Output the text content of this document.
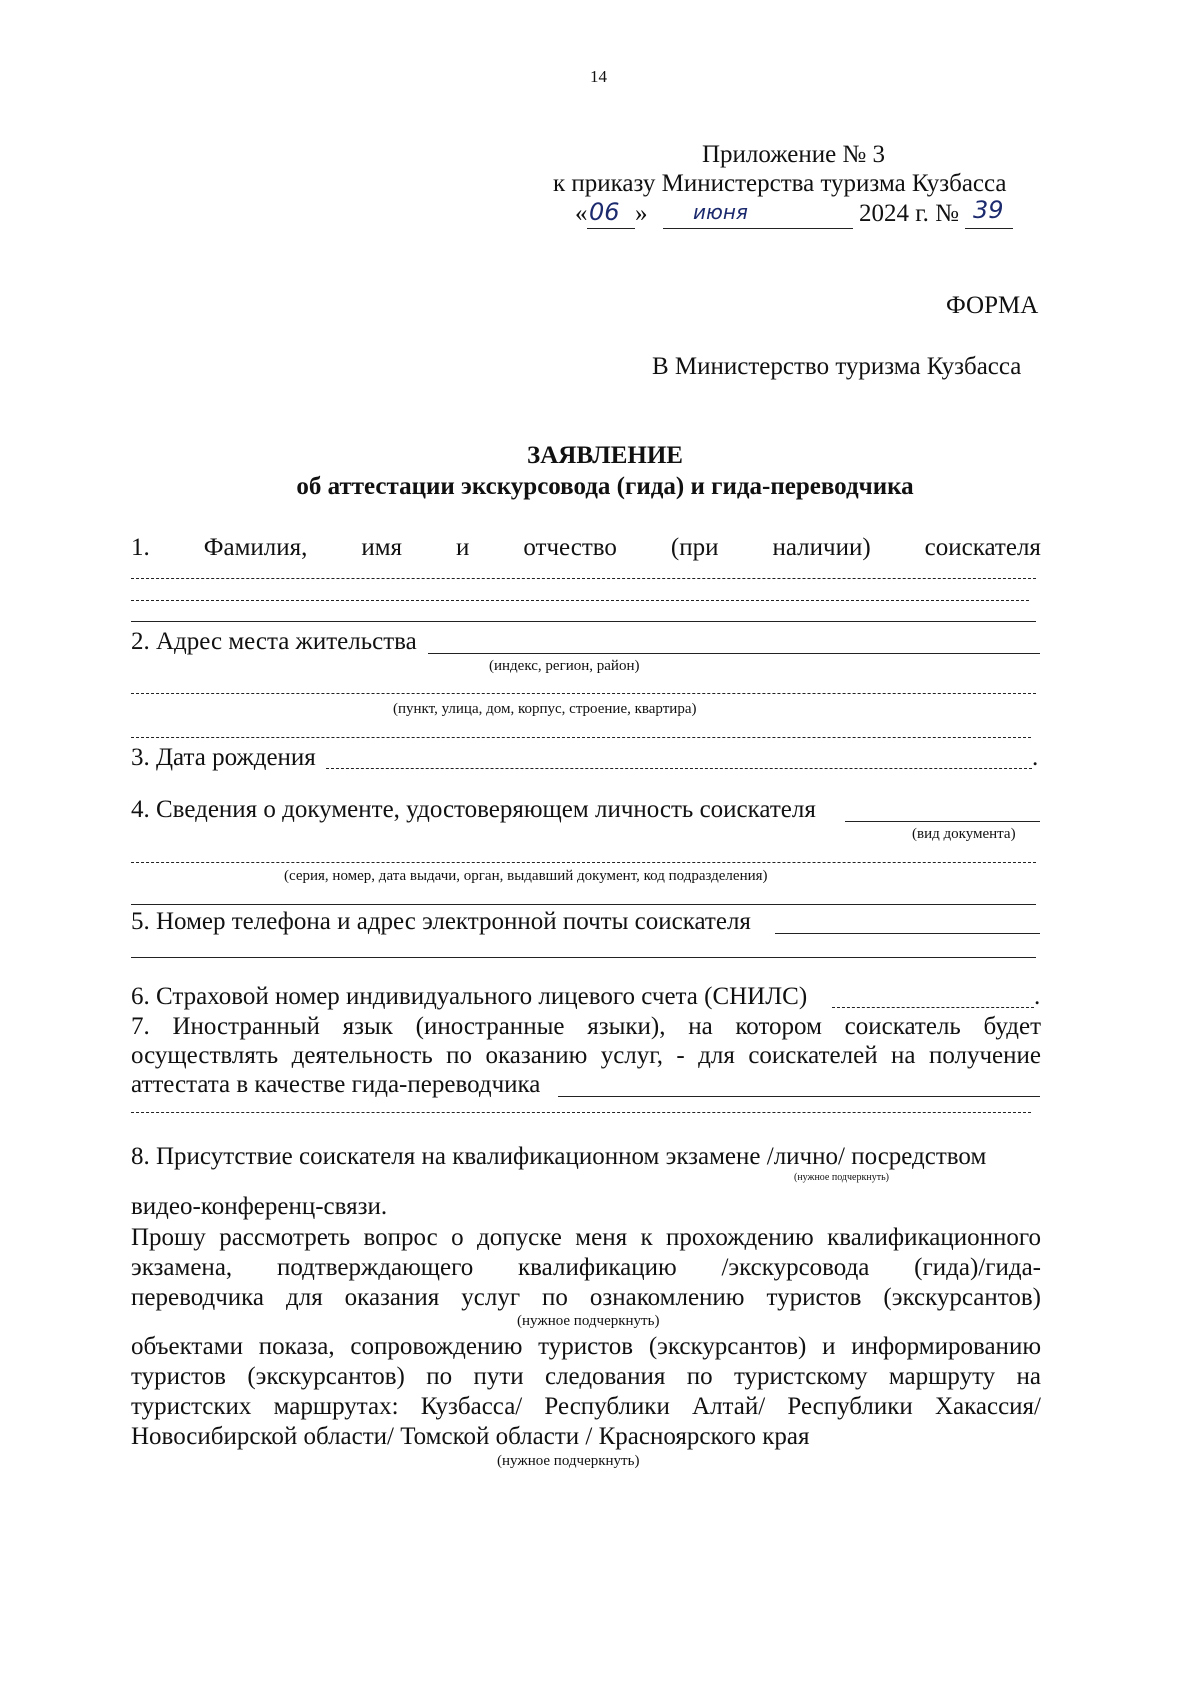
14
Приложение № 3
к приказу Министерства туризма Кузбасса
« 06 » июня	2024 г. № 39
ФОРМА
В Министерство туризма Кузбасса
ЗАЯВЛЕНИЕ
об аттестации экскурсовода (гида) и гида-переводчика
1. Фамилия, имя и отчество (при наличии) соискателя
2. Адрес места жительства
(индекс, регион, район)
(пункт, улица, дом, корпус, строение, квартира)
3. Дата рождения	.
4. Сведения о документе, удостоверяющем личность соискателя
(вид документа)
(серия, номер, дата выдачи, орган, выдавший документ, код подразделения)
5. Номер телефона и адрес электронной почты соискателя
6. Страховой номер индивидуального лицевого счета (СНИЛС)	.
7. Иностранный язык (иностранные языки), на котором соискатель будет
осуществлять деятельность по оказанию услуг, - для соискателей на получение
аттестата в качестве гида-переводчика
8. Присутствие соискателя на квалификационном экзамене /лично/ посредством
(нужное подчеркнуть)
видео-конференц-связи.
Прошу рассмотреть вопрос о допуске меня к прохождению квалификационного
экзамена, подтверждающего квалификацию /экскурсовода (гида)/гида-
переводчика для оказания услуг по ознакомлению туристов (экскурсантов)
(нужное подчеркнуть)
объектами показа, сопровождению туристов (экскурсантов) и информированию
туристов (экскурсантов) по пути следования по туристскому маршруту на
туристских маршрутах: Кузбасса/ Республики Алтай/ Республики Хакассия/
Новосибирской области/ Томской области / Красноярского края
(нужное подчеркнуть)
